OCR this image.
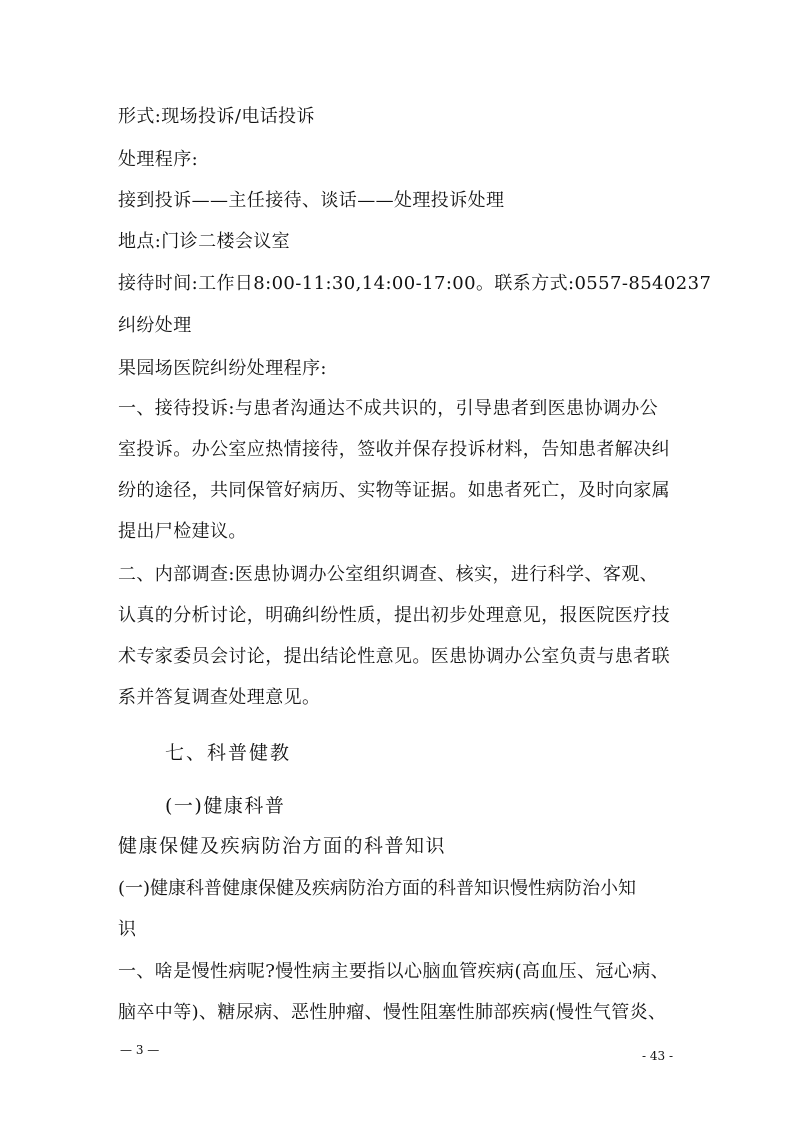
形式:现场投诉/电话投诉
处理程序:
接到投诉——主任接待、谈话——处理投诉处理
地点:门诊二楼会议室
接待时间:工作日8:00-11:30,14:00-17:00。联系方式:0557-8540237
纠纷处理
果园场医院纠纷处理程序:
一、接待投诉:与患者沟通达不成共识的，引导患者到医患协调办公
室投诉。办公室应热情接待，签收并保存投诉材料，告知患者解决纠
纷的途径，共同保管好病历、实物等证据。如患者死亡，及时向家属
提出尸检建议。
二、内部调查:医患协调办公室组织调查、核实，进行科学、客观、
认真的分析讨论，明确纠纷性质，提出初步处理意见，报医院医疗技
术专家委员会讨论，提出结论性意见。医患协调办公室负责与患者联
系并答复调查处理意见。
七、科普健教
(一)健康科普
健康保健及疾病防治方面的科普知识
(一)健康科普健康保健及疾病防治方面的科普知识慢性病防治小知
识
一、啥是慢性病呢?慢性病主要指以心脑血管疾病(高血压、冠心病、
脑卒中等)、糖尿病、恶性肿瘤、慢性阻塞性肺部疾病(慢性气管炎、
— 3 —	- 43 -
